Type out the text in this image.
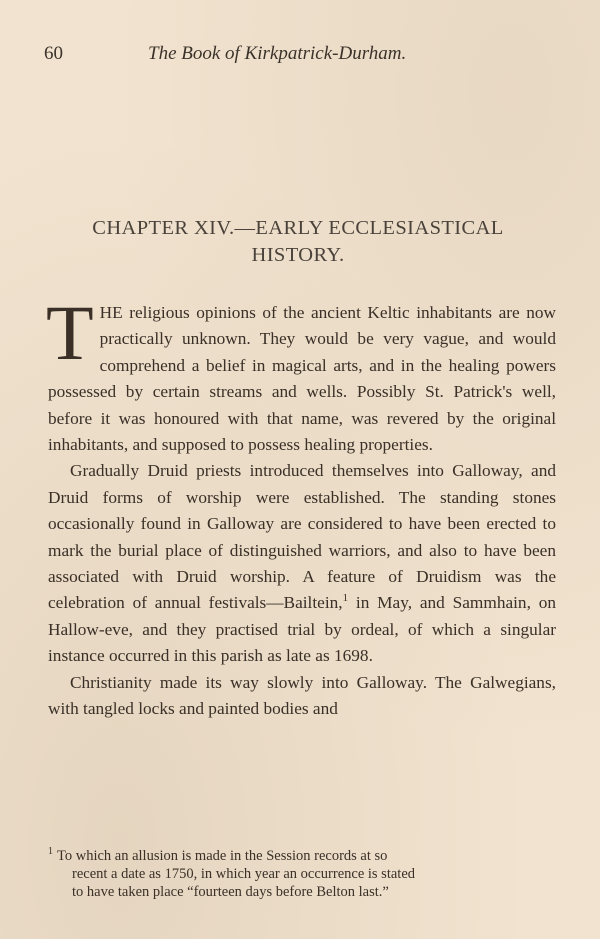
60	The Book of Kirkpatrick-Durham.
CHAPTER XIV.—EARLY ECCLESIASTICAL
HISTORY.

THE religious opinions of the ancient Keltic inhabitants are now practically unknown. They would be very vague, and would comprehend a belief in magical arts, and in the healing powers possessed by certain streams and wells. Possibly St. Patrick's well, before it was honoured with that name, was revered by the original inhabitants, and supposed to possess healing properties.

Gradually Druid priests introduced themselves into Galloway, and Druid forms of worship were established. The standing stones occasionally found in Galloway are considered to have been erected to mark the burial place of distinguished warriors, and also to have been associated with Druid worship. A feature of Druidism was the celebration of annual festivals—Bailtein,$^1$ in May, and Sammhain, on Hallow-eve, and they practised trial by ordeal, of which a singular instance occurred in this parish as late as 1698.

Christianity made its way slowly into Galloway. The Galwegians, with tangled locks and painted bodies and

$^1$ To which an allusion is made in the Session records at so
recent a date as 1750, in which year an occurrence is stated
to have taken place “fourteen days before Belton last.”
